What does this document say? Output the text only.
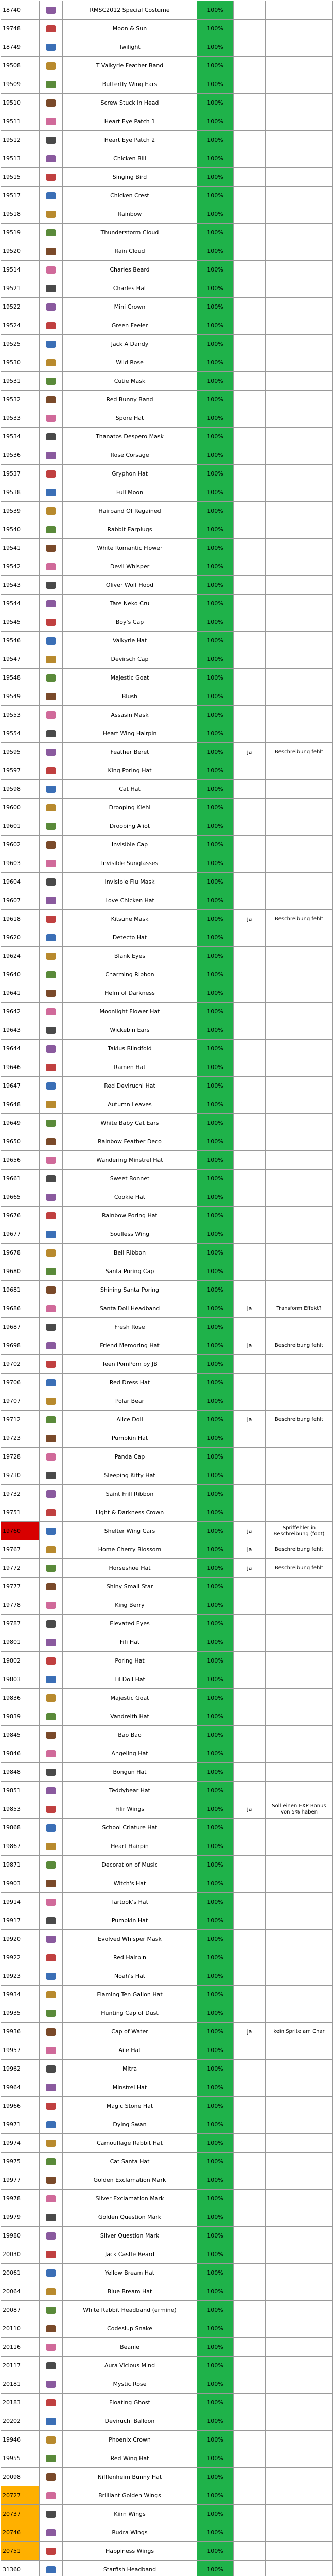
18740		RMSC2012 Special Costume	100%		
19748		Moon & Sun	100%		
18749		Twilight	100%		
19508		T Valkyrie Feather Band	100%		
19509		Butterfly Wing Ears	100%		
19510		Screw Stuck in Head	100%		
19511		Heart Eye Patch 1	100%		
19512		Heart Eye Patch 2	100%		
19513		Chicken Bill	100%		
19515		Singing Bird	100%		
19517		Chicken Crest	100%		
19518		Rainbow	100%		
19519		Thunderstorm Cloud	100%		
19520		Rain Cloud	100%		
19514		Charles Beard	100%		
19521		Charles Hat	100%		
19522		Mini Crown	100%		
19524		Green Feeler	100%		
19525		Jack A Dandy	100%		
19530		Wild Rose	100%		
19531		Cutie Mask	100%		
19532		Red Bunny Band	100%		
19533		Spore Hat	100%		
19534		Thanatos Despero Mask	100%		
19536		Rose Corsage	100%		
19537		Gryphon Hat	100%		
19538		Full Moon	100%		
19539		Hairband Of Regained	100%		
19540		Rabbit Earplugs	100%		
19541		White Romantic Flower	100%		
19542		Devil Whisper	100%		
19543		Oliver Wolf Hood	100%		
19544		Tare Neko Cru	100%		
19545		Boy's Cap	100%		
19546		Valkyrie Hat	100%		
19547		Devirsch Cap	100%		
19548		Majestic Goat	100%		
19549		Blush	100%		
19553		Assasin Mask	100%		
19554		Heart Wing Hairpin	100%		
19595		Feather Beret	100%	ja	Beschreibung fehlt
19597		King Poring Hat	100%		
19598		Cat Hat	100%		
19600		Drooping Kiehl	100%		
19601		Drooping Aliot	100%		
19602		Invisible Cap	100%		
19603		Invisible Sunglasses	100%		
19604		Invisible Flu Mask	100%		
19607		Love Chicken Hat	100%		
19618		Kitsune Mask	100%	ja	Beschreibung fehlt
19620		Detecto Hat	100%		
19624		Blank Eyes	100%		
19640		Charming Ribbon	100%		
19641		Helm of Darkness	100%		
19642		Moonlight Flower Hat	100%		
19643		Wickebin Ears	100%		
19644		Takius Blindfold	100%		
19646		Ramen Hat	100%		
19647		Red Deviruchi Hat	100%		
19648		Autumn Leaves	100%		
19649		White Baby Cat Ears	100%		
19650		Rainbow Feather Deco	100%		
19656		Wandering Minstrel Hat	100%		
19661		Sweet Bonnet	100%		
19665		Cookie Hat	100%		
19676		Rainbow Poring Hat	100%		
19677		Soulless Wing	100%		
19678		Bell Ribbon	100%		
19680		Santa Poring Cap	100%		
19681		Shining Santa Poring	100%		
19686		Santa Doll Headband	100%	ja	Transform Effekt?
19687		Fresh Rose	100%		
19698		Friend Memoring Hat	100%	ja	Beschreibung fehlt
19702		Teen PomPom by JB	100%		
19706		Red Dress Hat	100%		
19707		Polar Bear	100%		
19712		Alice Doll	100%	ja	Beschreibung fehlt
19723		Pumpkin Hat	100%		
19728		Panda Cap	100%		
19730		Sleeping Kitty Hat	100%		
19732		Saint Frill Ribbon	100%		
19751		Light & Darkness Crown	100%		
19760		Shelter Wing Cars	100%	ja	Spriffehler in Beschreibung (foot)
19767		Home Cherry Blossom	100%	ja	Beschreibung fehlt
19772		Horseshoe Hat	100%	ja	Beschreibung fehlt
19777		Shiny Small Star	100%		
19778		King Berry	100%		
19787		Elevated Eyes	100%		
19801		Fifi Hat	100%		
19802		Poring Hat	100%		
19803		Lil Doll Hat	100%		
19836		Majestic Goat	100%		
19839		Vandreith Hat	100%		
19845		Bao Bao	100%		
19846		Angeling Hat	100%		
19848		Bongun Hat	100%		
19851		Teddybear Hat	100%		
19853		Filir Wings	100%	ja	Soll einen EXP Bonus von 5% haben
19868		School Criature Hat	100%		
19867		Heart Hairpin	100%		
19871		Decoration of Music	100%		
19903		Witch's Hat	100%		
19914		Tartook's Hat	100%		
19917		Pumpkin Hat	100%		
19920		Evolved Whisper Mask	100%		
19922		Red Hairpin	100%		
19923		Noah's Hat	100%		
19934		Flaming Ten Gallon Hat	100%		
19935		Hunting Cap of Dust	100%		
19936		Cap of Water	100%	ja	kein Sprite am Char
19957		Aile Hat	100%		
19962		Mitra	100%		
19964		Minstrel Hat	100%		
19966		Magic Stone Hat	100%		
19971		Dying Swan	100%		
19974		Camouflage Rabbit Hat	100%		
19975		Cat Santa Hat	100%		
19977		Golden Exclamation Mark	100%		
19978		Silver Exclamation Mark	100%		
19979		Golden Question Mark	100%		
19980		Silver Question Mark	100%		
20030		Jack Castle Beard	100%		
20061		Yellow Bream Hat	100%		
20064		Blue Bream Hat	100%		
20087		White Rabbit Headband (ermine)	100%		
20110		Codeslup Snake	100%		
20116		Beanie	100%		
20117		Aura Vicious Mind	100%		
20181		Mystic Rose	100%		
20183		Floating Ghost	100%		
20202		Deviruchi Balloon	100%		
19946		Phoenix Crown	100%		
19955		Red Wing Hat	100%		
20098		Nifflenheim Bunny Hat	100%		
20727		Brilliant Golden Wings	100%		
20737		Kiirn Wings	100%		
20746		Rudra Wings	100%		
20751		Happiness Wings	100%		
31360		Starfish Headband	100%		
